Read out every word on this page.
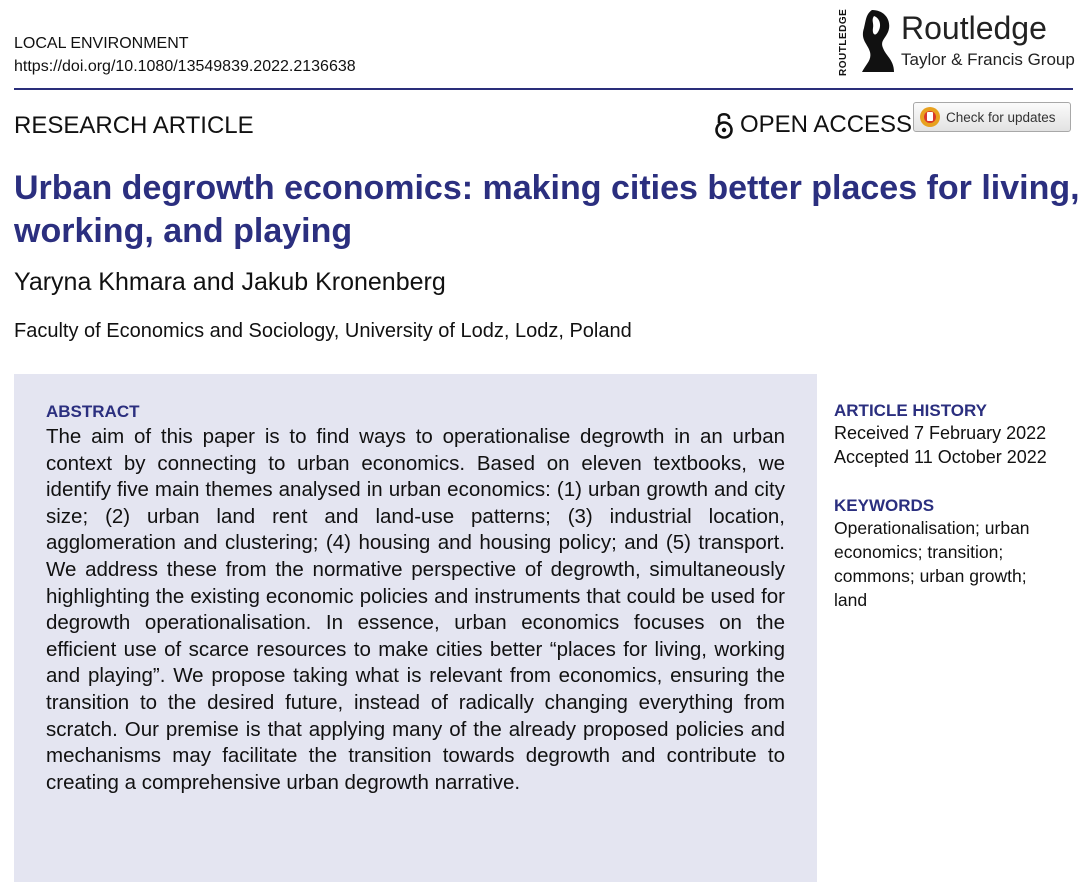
LOCAL ENVIRONMENT
https://doi.org/10.1080/13549839.2022.2136638	ROUTLEDGE Routledge
Taylor & Francis Group
RESEARCH ARTICLE	OPEN ACCESS	Check for updates
Urban degrowth economics: making cities better places for living, working, and playing
Yaryna Khmara and Jakub Kronenberg
Faculty of Economics and Sociology, University of Lodz, Lodz, Poland
ABSTRACT

The aim of this paper is to find ways to operationalise degrowth in an urban context by connecting to urban economics. Based on eleven textbooks, we identify five main themes analysed in urban economics: (1) urban growth and city size; (2) urban land rent and land-use patterns; (3) industrial location, agglomeration and clustering; (4) housing and housing policy; and (5) transport. We address these from the normative perspective of degrowth, simultaneously highlighting the existing economic policies and instruments that could be used for degrowth operationalisation. In essence, urban economics focuses on the efficient use of scarce resources to make cities better “places for living, working and playing”. We propose taking what is relevant from economics, ensuring the transition to the desired future, instead of radically changing everything from scratch. Our premise is that applying many of the already proposed policies and mechanisms may facilitate the transition towards degrowth and contribute to creating a comprehensive urban degrowth narrative.

ARTICLE HISTORY
Received 7 February 2022
Accepted 11 October 2022
KEYWORDS
Operationalisation; urban economics; transition; commons; urban growth; land
